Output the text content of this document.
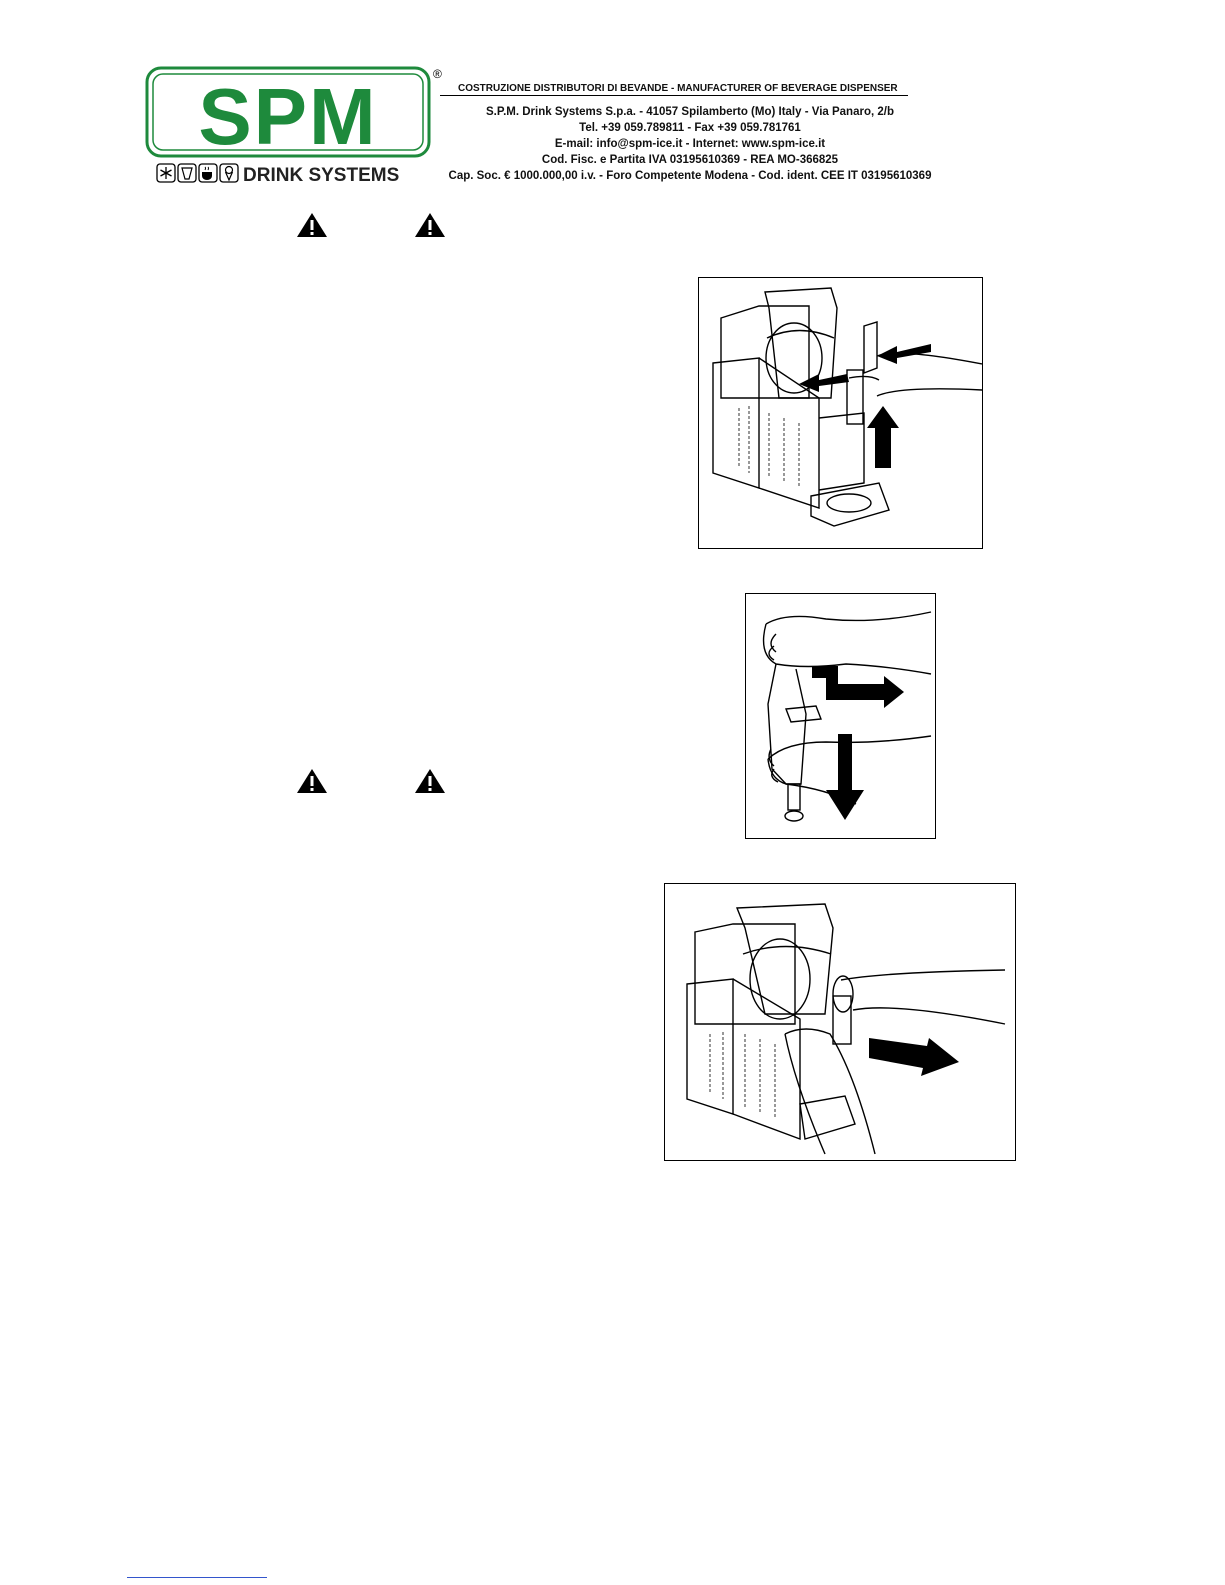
SPM	®
DRINK SYSTEMS
COSTRUZIONE DISTRIBUTORI DI BEVANDE - MANUFACTURER OF BEVERAGE DISPENSER
S.P.M. Drink Systems S.p.a. - 41057 Spilamberto (Mo) Italy - Via Panaro, 2/b
Tel. +39 059.789811 - Fax +39 059.781761
E-mail: info@spm-ice.it - Internet: www.spm-ice.it
Cod. Fisc. e Partita IVA 03195610369 - REA MO-366825
Cap. Soc. € 1000.000,00 i.v. - Foro Competente Modena - Cod. ident. CEE IT 03195610369
